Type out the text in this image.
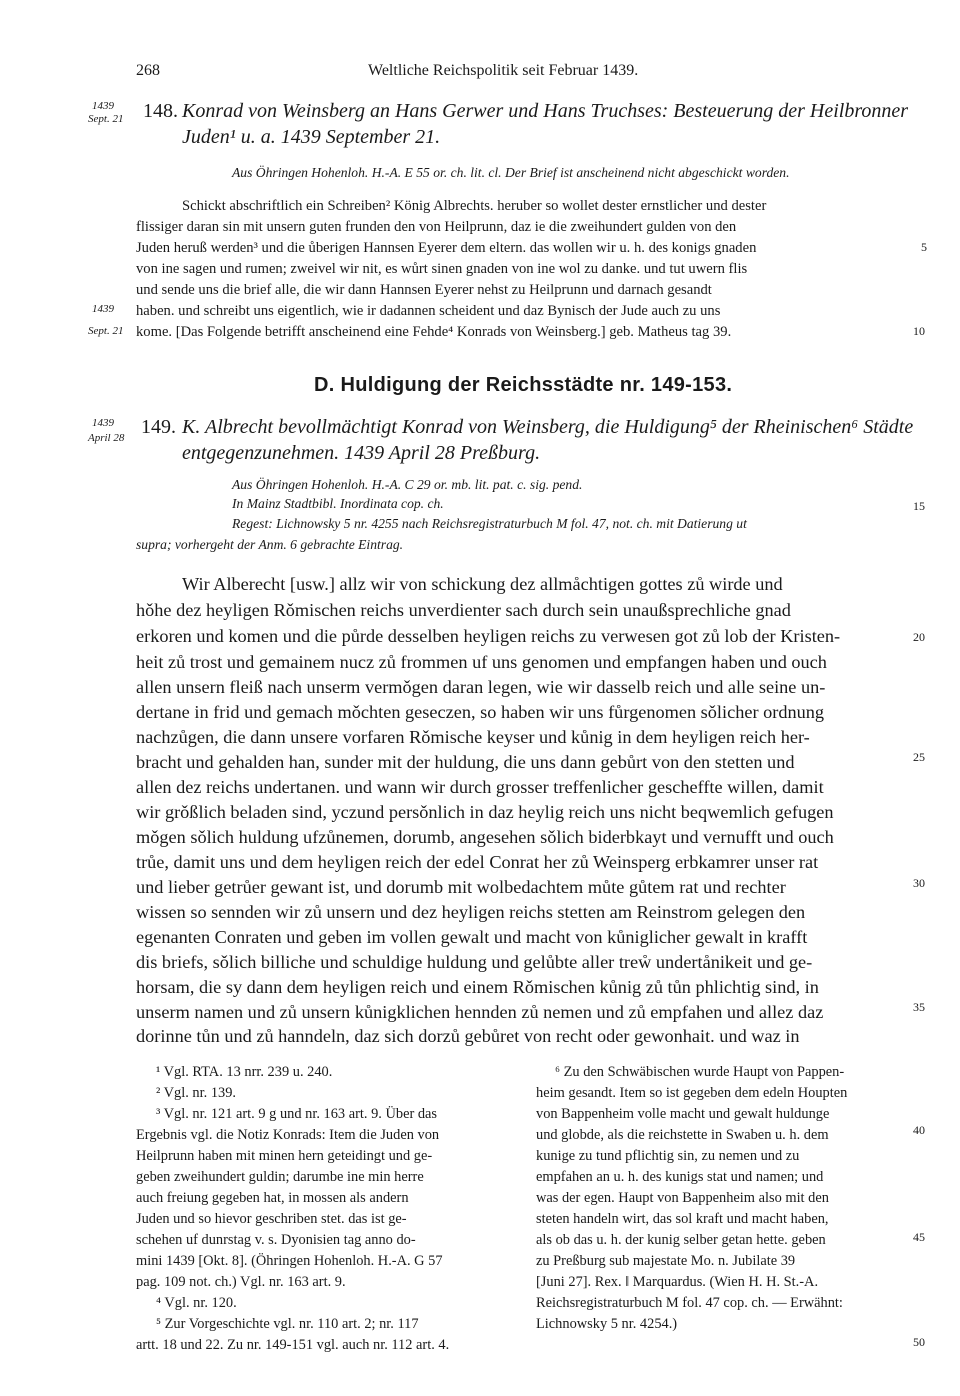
268	Weltliche Reichspolitik seit Februar 1439.
1439
Sept. 21 148. Konrad von Weinsberg an Hans Gerwer und Hans Truchses: Besteuerung der Heilbronner
Juden¹ u. a. 1439 September 21.
Aus Öhringen Hohenloh. H.-A. E 55 or. ch. lit. cl. Der Brief ist anscheinend nicht abgeschickt worden.
Schickt abschriftlich ein Schreiben² König Albrechts. heruber so wollet dester ernstlicher und dester
flissiger daran sin mit unsern guten frunden den von Heilprunn, daz ie die zweihundert gulden von den
Juden heruß werden³ und die ůberigen Hannsen Eyerer dem eltern. das wollen wir u. h. des konigs gnaden
von ine sagen und rumen; zweivel wir nit, es wůrt sinen gnaden von ine wol zu danke. und tut uwern flis
und sende uns die brief alle, die wir dann Hannsen Eyerer nehst zu Heilprunn und darnach gesandt
haben. und schreibt uns eigentlich, wie ir dadannen scheident und daz Bynisch der Jude auch zu uns
kome. [Das Folgende betrifft anscheinend eine Fehde⁴ Konrads von Weinsberg.] geb. Matheus tag 39.
1439
Sept. 21
D. Huldigung der Reichsstädte nr. 149-153.
1439
April 28 149. K. Albrecht bevollmächtigt Konrad von Weinsberg, die Huldigung⁵ der Rheinischen⁶ Städte
entgegenzunehmen. 1439 April 28 Preßburg.
Aus Öhringen Hohenloh. H.-A. C 29 or. mb. lit. pat. c. sig. pend.
In Mainz Stadtbibl. Inordinata cop. ch.
Regest: Lichnowsky 5 nr. 4255 nach Reichsregistraturbuch M fol. 47, not. ch. mit Datierung ut
supra; vorhergeht der Anm. 6 gebrachte Eintrag.
Wir Alberecht [usw.] allz wir von schickung dez allmåchtigen gottes zů wirde und
hǒhe dez heyligen Rǒmischen reichs unverdienter sach durch sein unaußsprechliche gnad
erkoren und komen und die půrde desselben heyligen reichs zu verwesen got zů lob der Kristen-
heit zů trost und gemainem nucz zů frommen uf uns genomen und empfangen haben und ouch
allen unsern fleiß nach unserm vermǒgen daran legen, wie wir dasselb reich und alle seine un-
dertane in frid und gemach mǒchten geseczen, so haben wir uns fůrgenomen sǒlicher ordnung
nachzůgen, die dann unsere vorfaren Rǒmische keyser und kůnig in dem heyligen reich her-
bracht und gehalden han, sunder mit der huldung, die uns dann gebůrt von den stetten und
allen dez reichs undertanen. und wann wir durch grosser treffenlicher gescheffte willen, damit
wir grǒßlich beladen sind, yczund persǒnlich in daz heylig reich uns nicht beqwemlich gefugen
mǒgen sǒlich huldung ufzůnemen, dorumb, angesehen sǒlich biderbkayt und vernufft und ouch
trůe, damit uns und dem heyligen reich der edel Conrat her zů Weinsperg erbkamrer unser rat
und lieber getrůer gewant ist, und dorumb mit wolbedachtem můte gůtem rat und rechter
wissen so sennden wir zů unsern und dez heyligen reichs stetten am Reinstrom gelegen den
egenanten Conraten und geben im vollen gewalt und macht von kůniglicher gewalt in krafft
dis briefs, sǒlich billiche und schuldige huldung und gelůbte aller treẘ undertånikeit und ge-
horsam, die sy dann dem heyligen reich und einem Rǒmischen kůnig zů tůn phlichtig sind, in
unserm namen und zů unsern kůnigklichen hennden zů nemen und zů empfahen und allez daz
dorinne tůn und zů hanndeln, daz sich dorzů gebůret von recht oder gewonhait. und waz in
¹ Vgl. RTA. 13 nrr. 239 u. 240.
² Vgl. nr. 139.
³ Vgl. nr. 121 art. 9 g und nr. 163 art. 9. Über das
Ergebnis vgl. die Notiz Konrads: Item die Juden von
Heilprunn haben mit minen hern geteidingt und ge-
geben zweihundert guldin; darumbe ine min herre
auch freiung gegeben hat, in mossen als andern
Juden und so hievor geschriben stet. das ist ge-
schehen uf dunrstag v. s. Dyonisien tag anno do-
mini 1439 [Okt. 8]. (Öhringen Hohenloh. H.-A. G 57
pag. 109 not. ch.) Vgl. nr. 163 art. 9.
⁴ Vgl. nr. 120.
⁵ Zur Vorgeschichte vgl. nr. 110 art. 2; nr. 117
artt. 18 und 22. Zu nr. 149-151 vgl. auch nr. 112 art. 4.
⁶ Zu den Schwäbischen wurde Haupt von Pappen-
heim gesandt. Item so ist gegeben dem edeln Houpten
von Bappenheim volle macht und gewalt huldunge
und globde, als die reichstette in Swaben u. h. dem
kunige zu tund pflichtig sin, zu nemen und zu
empfahen an u. h. des kunigs stat und namen; und
was der egen. Haupt von Bappenheim also mit den
steten handeln wirt, das sol kraft und macht haben,
als ob das u. h. der kunig selber getan hette. geben
zu Preßburg sub majestate Mo. n. Jubilate 39
[Juni 27]. Rex. ‖ Marquardus. (Wien H. H. St.-A.
Reichsregistraturbuch M fol. 47 cop. ch. — Erwähnt:
Lichnowsky 5 nr. 4254.)
5
10
15
20
25
30
35
40
45
50
